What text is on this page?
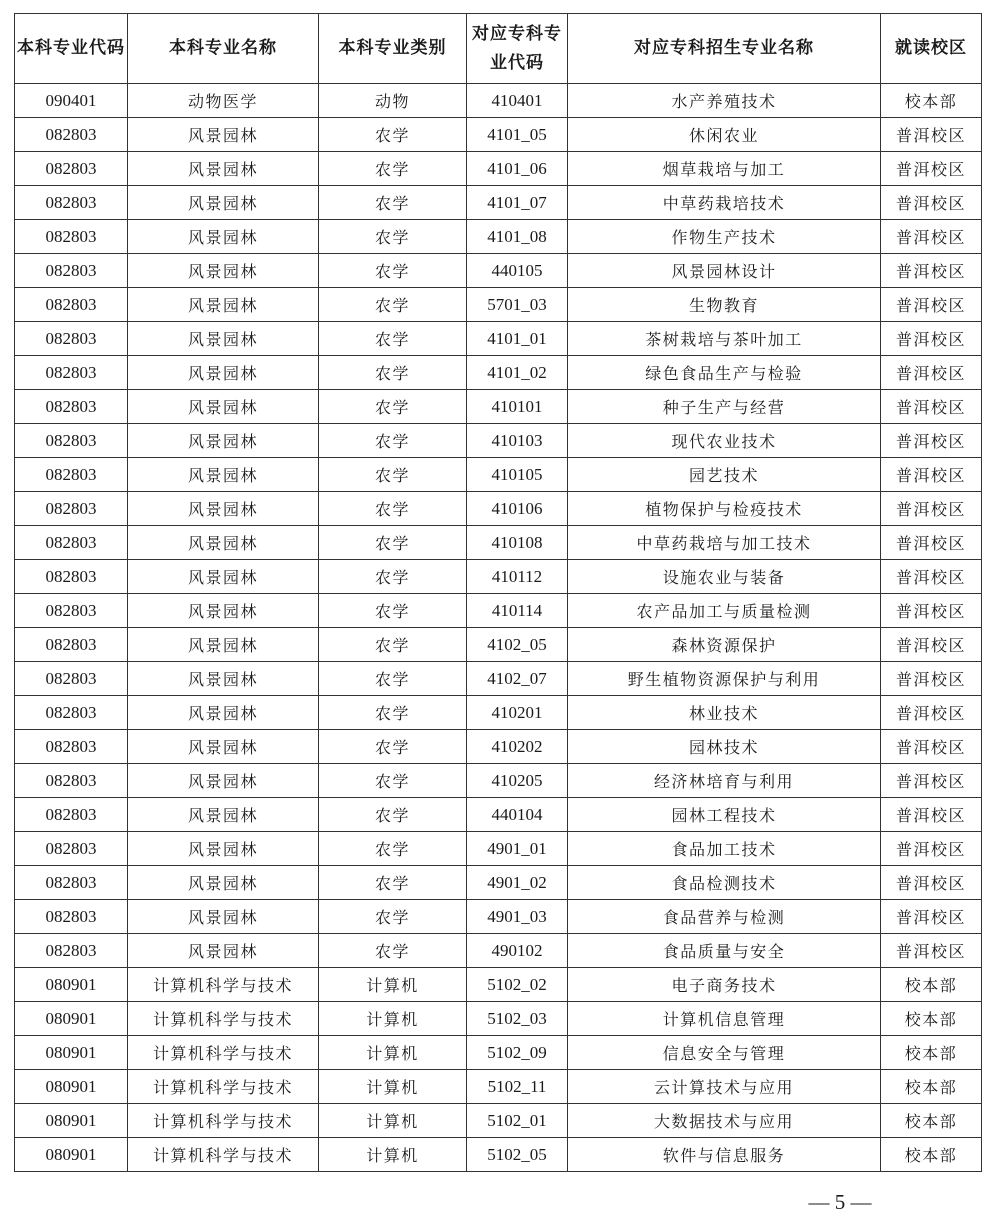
本科专业代码	本科专业名称	本科专业类别	对应专科专业代码	对应专科招生专业名称	就读校区
090401	动物医学	动物	410401	水产养殖技术	校本部
082803	风景园林	农学	4101_05	休闲农业	普洱校区
082803	风景园林	农学	4101_06	烟草栽培与加工	普洱校区
082803	风景园林	农学	4101_07	中草药栽培技术	普洱校区
082803	风景园林	农学	4101_08	作物生产技术	普洱校区
082803	风景园林	农学	440105	风景园林设计	普洱校区
082803	风景园林	农学	5701_03	生物教育	普洱校区
082803	风景园林	农学	4101_01	茶树栽培与茶叶加工	普洱校区
082803	风景园林	农学	4101_02	绿色食品生产与检验	普洱校区
082803	风景园林	农学	410101	种子生产与经营	普洱校区
082803	风景园林	农学	410103	现代农业技术	普洱校区
082803	风景园林	农学	410105	园艺技术	普洱校区
082803	风景园林	农学	410106	植物保护与检疫技术	普洱校区
082803	风景园林	农学	410108	中草药栽培与加工技术	普洱校区
082803	风景园林	农学	410112	设施农业与装备	普洱校区
082803	风景园林	农学	410114	农产品加工与质量检测	普洱校区
082803	风景园林	农学	4102_05	森林资源保护	普洱校区
082803	风景园林	农学	4102_07	野生植物资源保护与利用	普洱校区
082803	风景园林	农学	410201	林业技术	普洱校区
082803	风景园林	农学	410202	园林技术	普洱校区
082803	风景园林	农学	410205	经济林培育与利用	普洱校区
082803	风景园林	农学	440104	园林工程技术	普洱校区
082803	风景园林	农学	4901_01	食品加工技术	普洱校区
082803	风景园林	农学	4901_02	食品检测技术	普洱校区
082803	风景园林	农学	4901_03	食品营养与检测	普洱校区
082803	风景园林	农学	490102	食品质量与安全	普洱校区
080901	计算机科学与技术	计算机	5102_02	电子商务技术	校本部
080901	计算机科学与技术	计算机	5102_03	计算机信息管理	校本部
080901	计算机科学与技术	计算机	5102_09	信息安全与管理	校本部
080901	计算机科学与技术	计算机	5102_11	云计算技术与应用	校本部
080901	计算机科学与技术	计算机	5102_01	大数据技术与应用	校本部
080901	计算机科学与技术	计算机	5102_05	软件与信息服务	校本部
— 5 —
